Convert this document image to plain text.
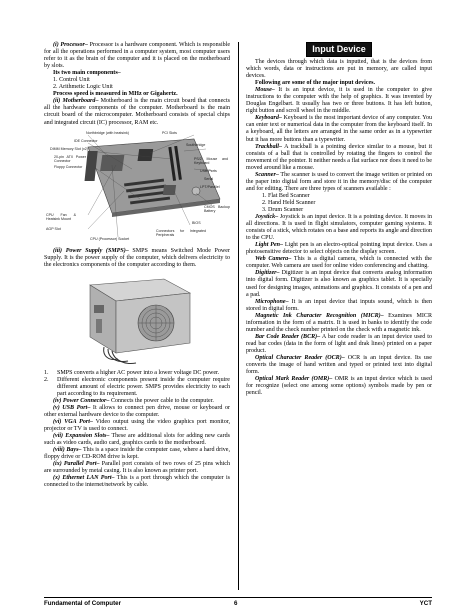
(i) Processor– Processor is a hardware component. Which is responsible for all the operations performed in a computer system, most computer users refer to it as the brain of the computer and it is placed on the motherboard by slots.

Its two main components–

1. Control Unit

2. Arithmetic Logic Unit

Process speed is measured in MHz or Gigahertz.

(ii) Motherboard– Motherboard is the main circuit board that connects all the hardware components of the computer. Motherboard is the main circuit board of the microcomputer. Motherboard consists of special chips and integrated circuit (IC) processor, RAM etc.

Northbridge (with heatsink)
IDE Connector
DIMM Memory Slot (x2)
20-pin ATX Power Connector
Floppy Connector
PCI Slots
Southbridge
PS/2 Mouse and Keyboard
USB Ports
Serial
LPT/Parallel
CMOS Backup Battery
BIOS
CPU Fan & Heatsink Mount
AGP Slot	Connectors for Integrated Peripherals
CPU (Processor) Socket

(iii) Power Supply (SMPS)– SMPS means Switched Mode Power Supply. It is the power supply of the computer, which delivers electricity to the electronics components of the computer according to them.

1.	SMPS converts a higher AC power into a lower voltage DC power.
2.	Different electronic components present inside the computer require different amount of electric power. SMPS provides electricity to each part according to its requirement.

(iv) Power Connector– Connects the power cable to the computer.

(v) USB Port– It allows to connect pen drive, mouse or keyboard or other external hardware device to the computer.

(vi) VGA Port– Video output using the video graphics port monitor, projector or TV is used to connect.

(vii) Expansion Slots– These are additional slots for adding new cards such as video cards, audio card, graphics cards to the motherboard.

(viii) Bays– This is a space inside the computer case, where a hard drive, floppy drive or CD-ROM drive is kept.

(ix) Parallel Port– Parallel port consists of two rows of 25 pins which are surrounded by metal casing. It is also known as printer port.

(x) Ethernet LAN Port– This is a port through which the computer is connected to the internet/network by cable.

Input Device

The devices through which data is inputted, that is the devices from which words, data or instructions are put in memory, are called input devices.

Following are some of the major input devices.

Mouse– It is an input device, it is used in the computer to give instructions to the computer with the help of graphics. It was invented by Douglas Engelbart. It usually has two or three buttons. It has left button, right button and scroll wheel in the middle.

Keyboard– Keyboard is the most important device of any computer. You can enter text or numerical data in the computer from the keyboard itself. In a keyboard, all the letters are arranged in the same order as in a typewriter but it has more buttons than a typewriter.

Trackball– A trackball is a pointing device similar to a mouse, but it consists of a ball that is controlled by rotating the fingers to control the movement of the pointer. It neither needs a flat surface nor does it need to be moved around like a mouse.

Scanner– The scanner is used to convert the image written or printed on the paper into digital form and store it in the memory/disc of the computer and for editing. There are three types of scanners available :

1. Flat Bed Scanner
2. Hand Held Scanner
3. Drum Scanner

Joystick– Joystick is an input device. It is a pointing device. It moves in all directions. It is used in flight simulators, computer gaming systems. It consists of a stick, which rotates on a base and reports its angle and direction to the CPU.

Light Pen– Light pen is an electro-optical pointing input device. Uses a photosensitive detector to select objects on the display screen.

Web Camera– This is a digital camera, which is connected with the computer. Web camera are used for online video conferencing and chatting.

Digitizer– Digitizer is an input device that converts analog information into digital form. Digitizer is also known as graphics tablet. It is specially used for designing images, animations and graphics. It consists of a pen and a pad.

Microphone– It is an input device that inputs sound, which is then stored in digital form.

Magnetic Ink Character Recognition (MICR)– Examines MICR information in the form of a matrix. It is used in banks to identify the code number and the check number printed on the check with a magnetic ink.

Bar Code Reader (BCR)– A bar code reader is an input device used to read bar codes (data in the form of light and drak lines) printed on a paper product.

Optical Character Reader (OCR)– OCR is an input device. Its use converts the image of hand written and typed or printed text into digital form.

Optical Mark Reader (OMR)– OMR is an input device which is used for recognize (select one among some options) symbols made by pen or pencil.

Fundamental of Computer	6	YCT
